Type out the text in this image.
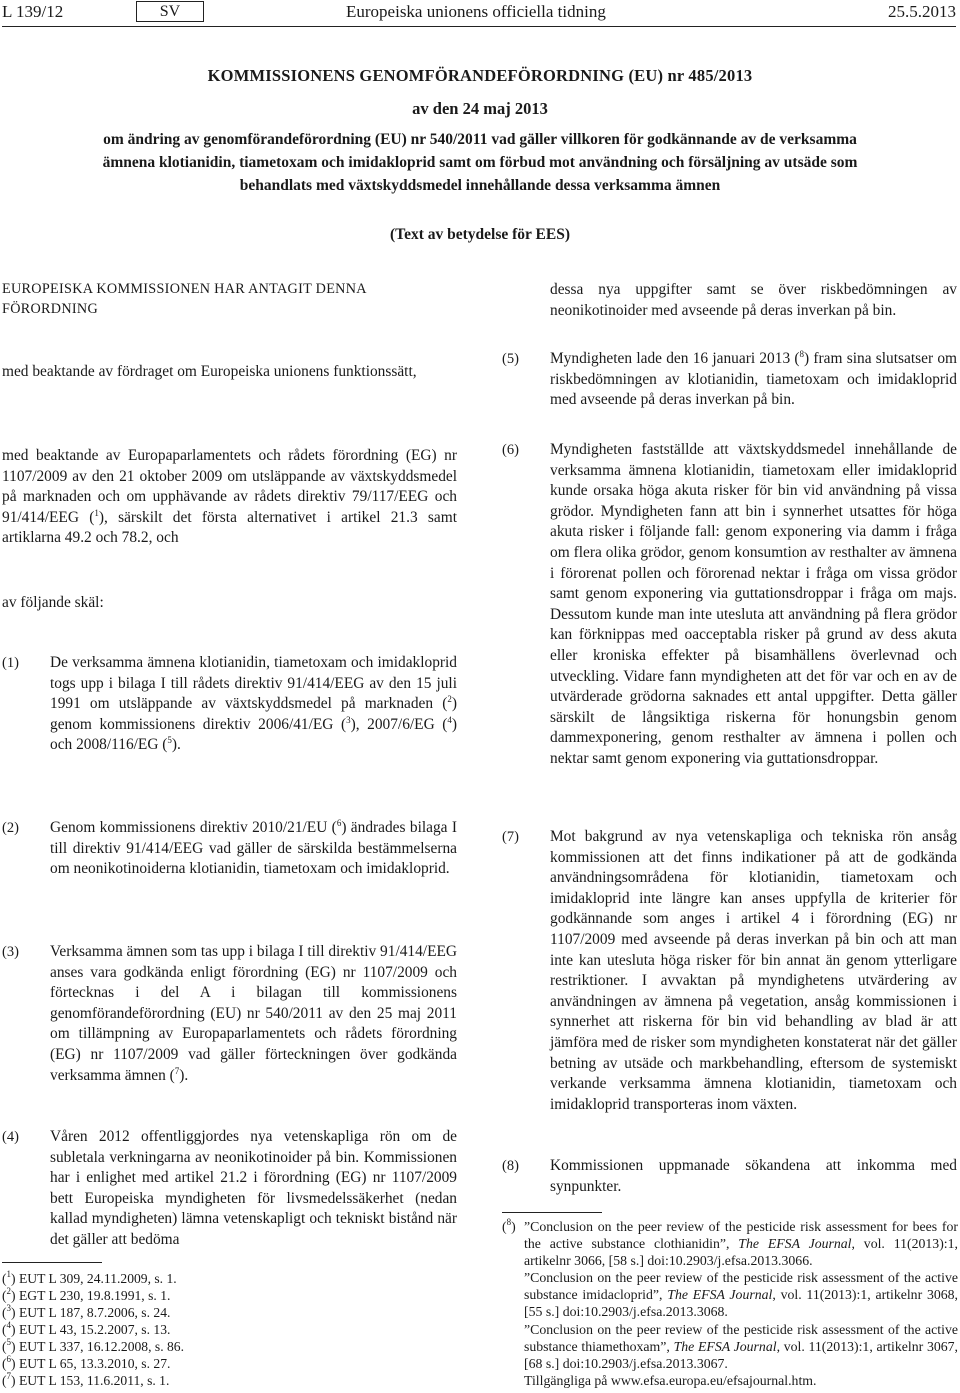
L 139/12	SV	Europeiska unionens officiella tidning	25.5.2013
KOMMISSIONENS GENOMFÖRANDEFÖRORDNING (EU) nr 485/2013
av den 24 maj 2013
om ändring av genomförandeförordning (EU) nr 540/2011 vad gäller villkoren för godkännande av de verksamma ämnena klotianidin, tiametoxam och imidakloprid samt om förbud mot användning och försäljning av utsäde som behandlats med växtskyddsmedel innehållande dessa verksamma ämnen
(Text av betydelse för EES)
EUROPEISKA KOMMISSIONEN HAR ANTAGIT DENNA FÖRORDNING
med beaktande av fördraget om Europeiska unionens funktionssätt,
med beaktande av Europaparlamentets och rådets förordning (EG) nr 1107/2009 av den 21 oktober 2009 om utsläppande av växtskyddsmedel på marknaden och om upphävande av rådets direktiv 79/117/EEG och 91/414/EEG ($^1$), särskilt det första alternativet i artikel 21.3 samt artiklarna 49.2 och 78.2, och
av följande skäl:
(1) De verksamma ämnena klotianidin, tiametoxam och imidakloprid togs upp i bilaga I till rådets direktiv 91/414/EEG av den 15 juli 1991 om utsläppande av växtskyddsmedel på marknaden ($^2$) genom kommissionens direktiv 2006/41/EG ($^3$), 2007/6/EG ($^4$) och 2008/116/EG ($^5$).
(2) Genom kommissionens direktiv 2010/21/EU ($^6$) ändrades bilaga I till direktiv 91/414/EEG vad gäller de särskilda bestämmelserna om neonikotinoiderna klotianidin, tiametoxam och imidakloprid.
(3) Verksamma ämnen som tas upp i bilaga I till direktiv 91/414/EEG anses vara godkända enligt förordning (EG) nr 1107/2009 och förtecknas i del A i bilagan till kommissionens genomförandeförordning (EU) nr 540/2011 av den 25 maj 2011 om tillämpning av Europaparlamentets och rådets förordning (EG) nr 1107/2009 vad gäller förteckningen över godkända verksamma ämnen ($^7$).
(4) Våren 2012 offentliggjordes nya vetenskapliga rön om de subletala verkningarna av neonikotinoider på bin. Kommissionen har i enlighet med artikel 21.2 i förordning (EG) nr 1107/2009 bett Europeiska myndigheten för livsmedelssäkerhet (nedan kallad myndigheten) lämna vetenskapligt och tekniskt bistånd när det gäller att bedöma
($^1$) EUT L 309, 24.11.2009, s. 1.
($^2$) EGT L 230, 19.8.1991, s. 1.
($^3$) EUT L 187, 8.7.2006, s. 24.
($^4$) EUT L 43, 15.2.2007, s. 13.
($^5$) EUT L 337, 16.12.2008, s. 86.
($^6$) EUT L 65, 13.3.2010, s. 27.
($^7$) EUT L 153, 11.6.2011, s. 1.
dessa nya uppgifter samt se över riskbedömningen av neonikotinoider med avseende på deras inverkan på bin.
(5) Myndigheten lade den 16 januari 2013 ($^8$) fram sina slutsatser om riskbedömningen av klotianidin, tiametoxam och imidakloprid med avseende på deras inverkan på bin.
(6) Myndigheten fastställde att växtskyddsmedel innehållande de verksamma ämnena klotianidin, tiametoxam eller imidakloprid kunde orsaka höga akuta risker för bin vid användning på vissa grödor. Myndigheten fann att bin i synnerhet utsattes för höga akuta risker i följande fall: genom exponering via damm i fråga om flera olika grödor, genom konsumtion av resthalter av ämnena i förorenat pollen och förorenad nektar i fråga om vissa grödor samt genom exponering via guttationsdroppar i fråga om majs. Dessutom kunde man inte utesluta att användning på flera grödor kan förknippas med oacceptabla risker på grund av dess akuta eller kroniska effekter på bisamhällens överlevnad och utveckling. Vidare fann myndigheten att det för var och en av de utvärderade grödorna saknades ett antal uppgifter. Detta gäller särskilt de långsiktiga riskerna för honungsbin genom dammexponering, genom resthalter av ämnena i pollen och nektar samt genom exponering via guttationsdroppar.
(7) Mot bakgrund av nya vetenskapliga och tekniska rön ansåg kommissionen att det finns indikationer på att de godkända användningsområdena för klotianidin, tiametoxam och imidakloprid inte längre kan anses uppfylla de kriterier för godkännande som anges i artikel 4 i förordning (EG) nr 1107/2009 med avseende på deras inverkan på bin och att man inte kan utesluta höga risker för bin annat än genom ytterligare restriktioner. I avvaktan på myndighetens utvärdering av användningen av ämnena på vegetation, ansåg kommissionen i synnerhet att riskerna för bin vid behandling av blad är att jämföra med de risker som myndigheten konstaterat när det gäller betning av utsäde och markbehandling, eftersom de systemiskt verkande verksamma ämnena klotianidin, tiametoxam och imidakloprid transporteras inom växten.
(8) Kommissionen uppmanade sökandena att inkomma med synpunkter.
($^8$) ”Conclusion on the peer review of the pesticide risk assessment for bees for the active substance clothianidin”, The EFSA Journal, vol. 11(2013):1, artikelnr 3066, [58 s.] doi:10.2903/j.efsa.2013.3066.

”Conclusion on the peer review of the pesticide risk assessment of the active substance imidacloprid”, The EFSA Journal, vol. 11(2013):1, artikelnr 3068, [55 s.] doi:10.2903/j.efsa.2013.3068.

”Conclusion on the peer review of the pesticide risk assessment of the active substance thiamethoxam”, The EFSA Journal, vol. 11(2013):1, artikelnr 3067, [68 s.] doi:10.2903/j.efsa.2013.3067.

Tillgängliga på www.efsa.europa.eu/efsajournal.htm.
